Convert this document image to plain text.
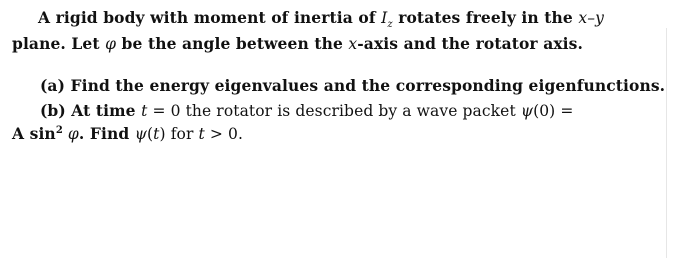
A rigid body with moment of inertia of $I_z$ rotates freely in the x–y
plane. Let φ be the angle between the x-axis and the rotator axis.
(a) Find the energy eigenvalues and the corresponding eigenfunctions.
(b) At time t = 0 the rotator is described by a wave packet ψ(0) =
A $\sin^2 \varphi$. Find ψ(t) for t > 0.
